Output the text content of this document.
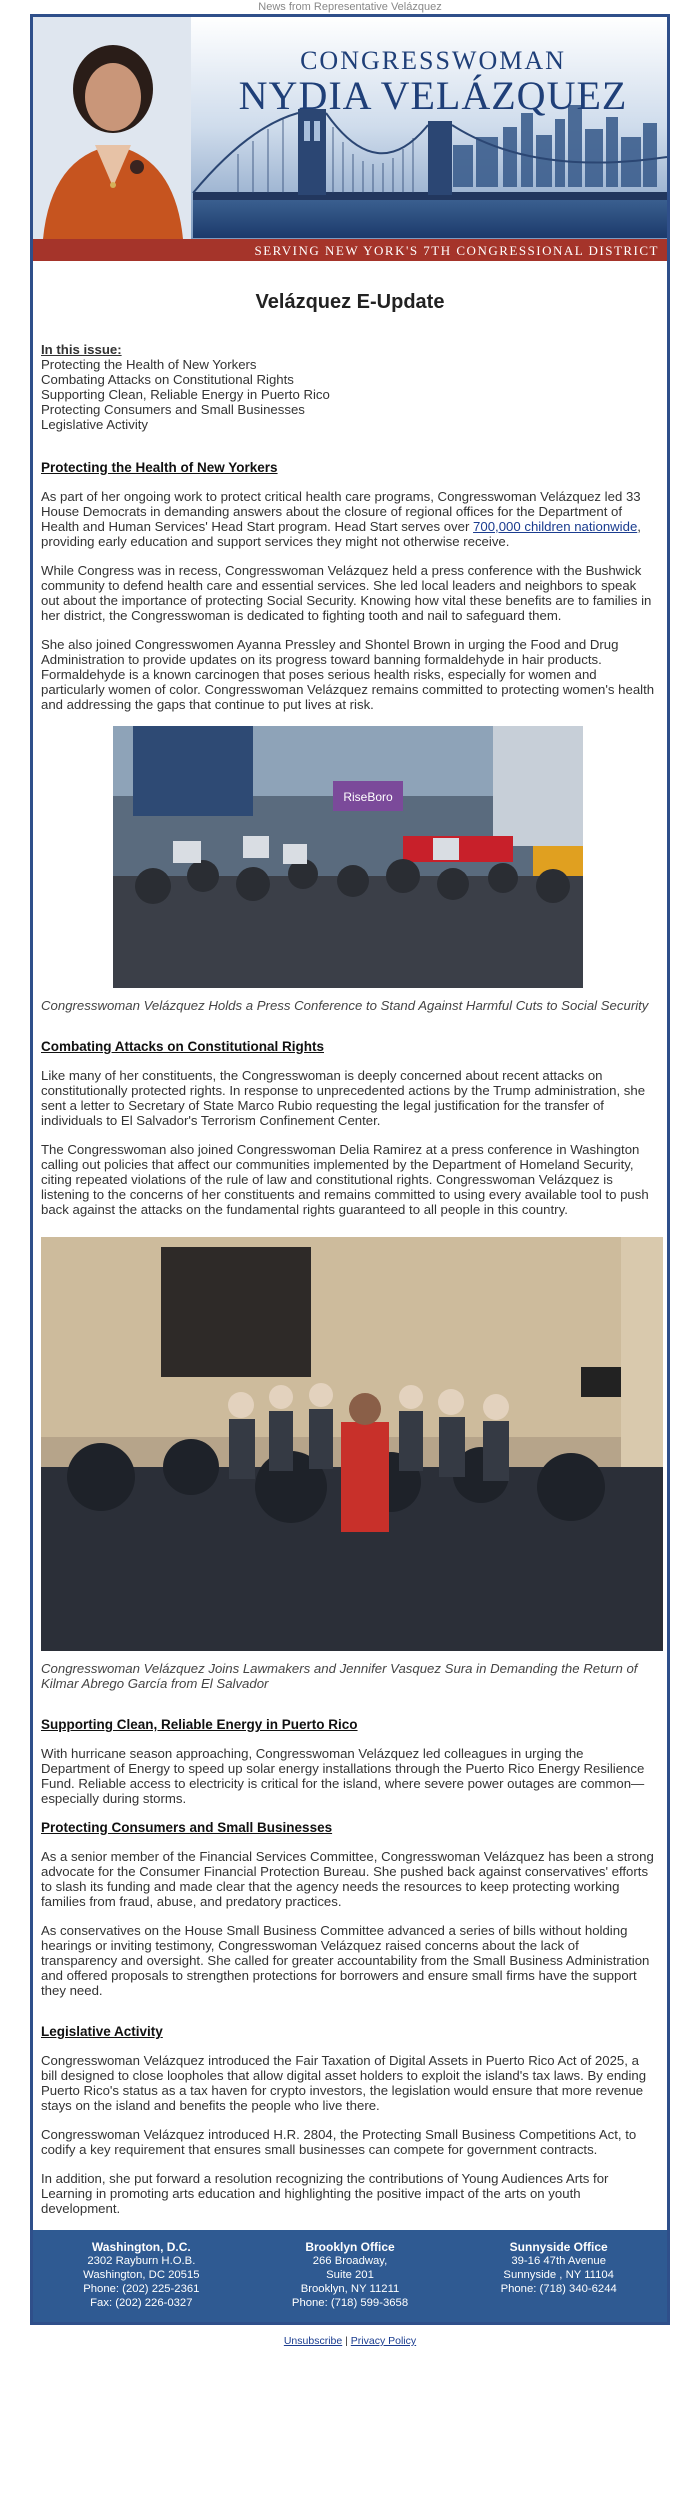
News from Representative Velázquez
SERVING NEW YORK'S 7TH CONGRESSIONAL DISTRICT
CONGRESSWOMAN
NYDIA VELÁZQUEZ
Velázquez E-Update
In this issue:
Protecting the Health of New Yorkers
Combating Attacks on Constitutional Rights
Supporting Clean, Reliable Energy in Puerto Rico
Protecting Consumers and Small Businesses
Legislative Activity
Protecting the Health of New Yorkers

As part of her ongoing work to protect critical health care programs, Congresswoman Velázquez led 33 House Democrats in demanding answers about the closure of regional offices for the Department of Health and Human Services' Head Start program. Head Start serves over 700,000 children nationwide, providing early education and support services they might not otherwise receive.

While Congress was in recess, Congresswoman Velázquez held a press conference with the Bushwick community to defend health care and essential services. She led local leaders and neighbors to speak out about the importance of protecting Social Security. Knowing how vital these benefits are to families in her district, the Congresswoman is dedicated to fighting tooth and nail to safeguard them.

She also joined Congresswomen Ayanna Pressley and Shontel Brown in urging the Food and Drug Administration to provide updates on its progress toward banning formaldehyde in hair products. Formaldehyde is a known carcinogen that poses serious health risks, especially for women and particularly women of color. Congresswoman Velázquez remains committed to protecting women's health and addressing the gaps that continue to put lives at risk.

RiseBoro
Congresswoman Velázquez Holds a Press Conference to Stand Against Harmful Cuts to Social Security
Combating Attacks on Constitutional Rights

Like many of her constituents, the Congresswoman is deeply concerned about recent attacks on constitutionally protected rights. In response to unprecedented actions by the Trump administration, she sent a letter to Secretary of State Marco Rubio requesting the legal justification for the transfer of individuals to El Salvador's Terrorism Confinement Center.

The Congresswoman also joined Congresswoman Delia Ramirez at a press conference in Washington calling out policies that affect our communities implemented by the Department of Homeland Security, citing repeated violations of the rule of law and constitutional rights. Congresswoman Velázquez is listening to the concerns of her constituents and remains committed to using every available tool to push back against the attacks on the fundamental rights guaranteed to all people in this country.

Congresswoman Velázquez Joins Lawmakers and Jennifer Vasquez Sura in Demanding the Return of Kilmar Abrego García from El Salvador
Supporting Clean, Reliable Energy in Puerto Rico

With hurricane season approaching, Congresswoman Velázquez led colleagues in urging the Department of Energy to speed up solar energy installations through the Puerto Rico Energy Resilience Fund. Reliable access to electricity is critical for the island, where severe power outages are common—especially during storms.

Protecting Consumers and Small Businesses

As a senior member of the Financial Services Committee, Congresswoman Velázquez has been a strong advocate for the Consumer Financial Protection Bureau. She pushed back against conservatives' efforts to slash its funding and made clear that the agency needs the resources to keep protecting working families from fraud, abuse, and predatory practices.

As conservatives on the House Small Business Committee advanced a series of bills without holding hearings or inviting testimony, Congresswoman Velázquez raised concerns about the lack of transparency and oversight. She called for greater accountability from the Small Business Administration and offered proposals to strengthen protections for borrowers and ensure small firms have the support they need.

Legislative Activity

Congresswoman Velázquez introduced the Fair Taxation of Digital Assets in Puerto Rico Act of 2025, a bill designed to close loopholes that allow digital asset holders to exploit the island's tax laws. By ending Puerto Rico's status as a tax haven for crypto investors, the legislation would ensure that more revenue stays on the island and benefits the people who live there.

Congresswoman Velázquez introduced H.R. 2804, the Protecting Small Business Competitions Act, to codify a key requirement that ensures small businesses can compete for government contracts.

In addition, she put forward a resolution recognizing the contributions of Young Audiences Arts for Learning in promoting arts education and highlighting the positive impact of the arts on youth development.

Washington, D.C.
2302 Rayburn H.O.B.
Washington, DC 20515
Phone: (202) 225-2361
Fax: (202) 226-0327
Brooklyn Office
266 Broadway,
Suite 201
Brooklyn, NY 11211
Phone: (718) 599-3658
Sunnyside Office
39-16 47th Avenue
Sunnyside , NY 11104
Phone: (718) 340-6244
Unsubscribe | Privacy Policy
